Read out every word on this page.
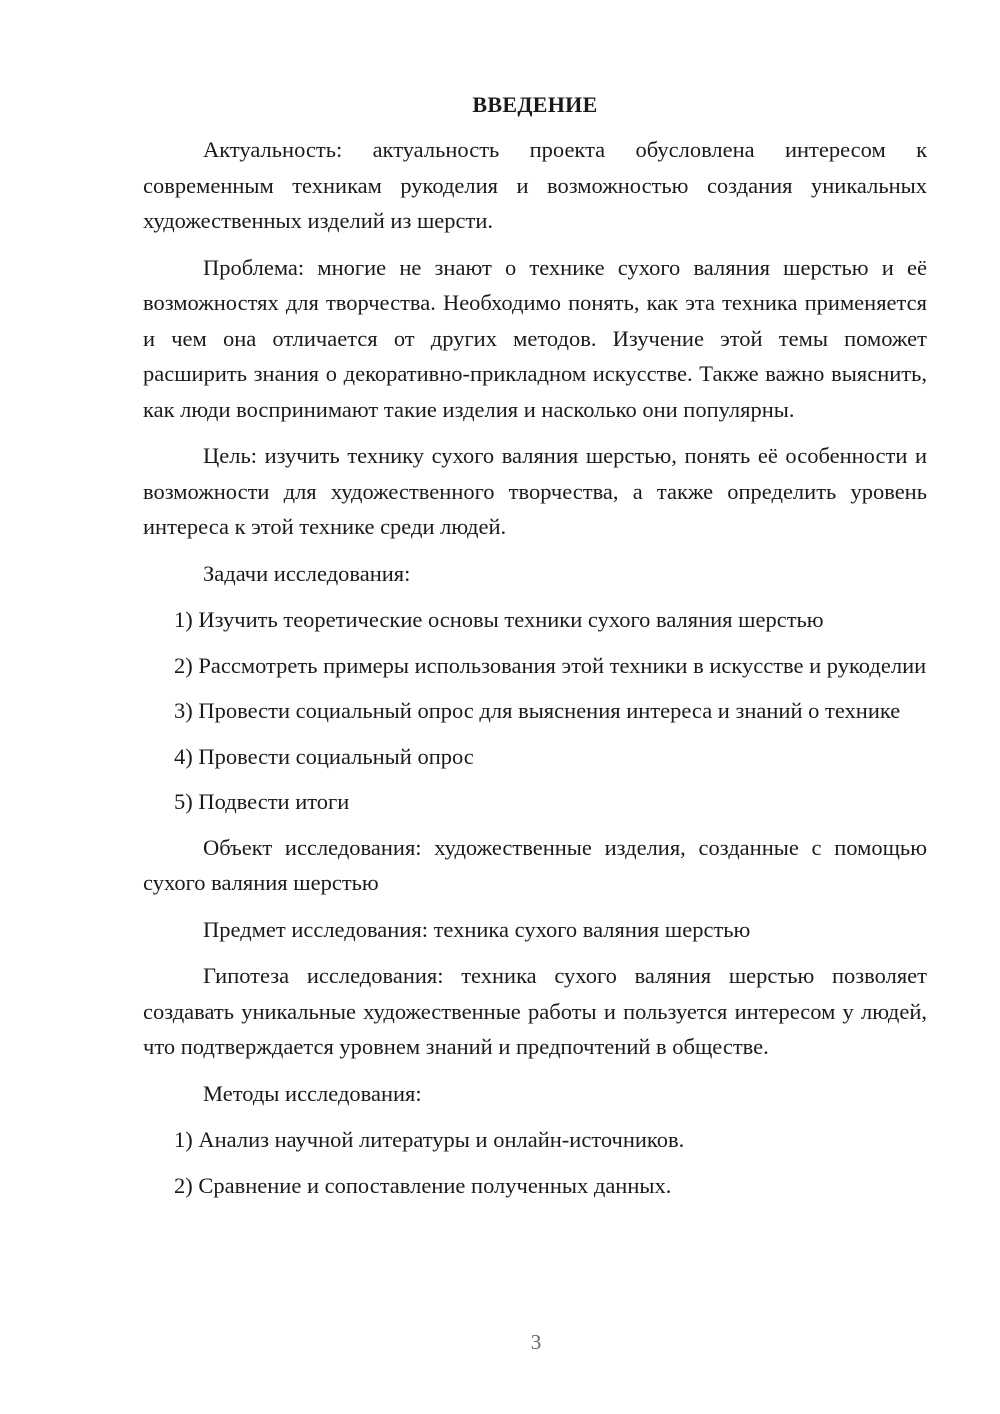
ВВЕДЕНИЕ

Актуальность: актуальность проекта обусловлена интересом к современным техникам рукоделия и возможностью создания уникальных художественных изделий из шерсти.

Проблема: многие не знают о технике сухого валяния шерстью и её возможностях для творчества. Необходимо понять, как эта техника применяется и чем она отличается от других методов. Изучение этой темы поможет расширить знания о декоративно-прикладном искусстве. Также важно выяснить, как люди воспринимают такие изделия и насколько они популярны.

Цель: изучить технику сухого валяния шерстью, понять её особенности и возможности для художественного творчества, а также определить уровень интереса к этой технике среди людей.

Задачи исследования:

1) Изучить теоретические основы техники сухого валяния шерстью

2) Рассмотреть примеры использования этой техники в искусстве и рукоделии

3) Провести социальный опрос для выяснения интереса и знаний о технике

4) Провести социальный опрос

5) Подвести итоги

Объект исследования: художественные изделия, созданные с помощью сухого валяния шерстью

Предмет исследования: техника сухого валяния шерстью

Гипотеза исследования: техника сухого валяния шерстью позволяет создавать уникальные художественные работы и пользуется интересом у людей, что подтверждается уровнем знаний и предпочтений в обществе.

Методы исследования:

1) Анализ научной литературы и онлайн-источников.

2) Сравнение и сопоставление полученных данных.

3
